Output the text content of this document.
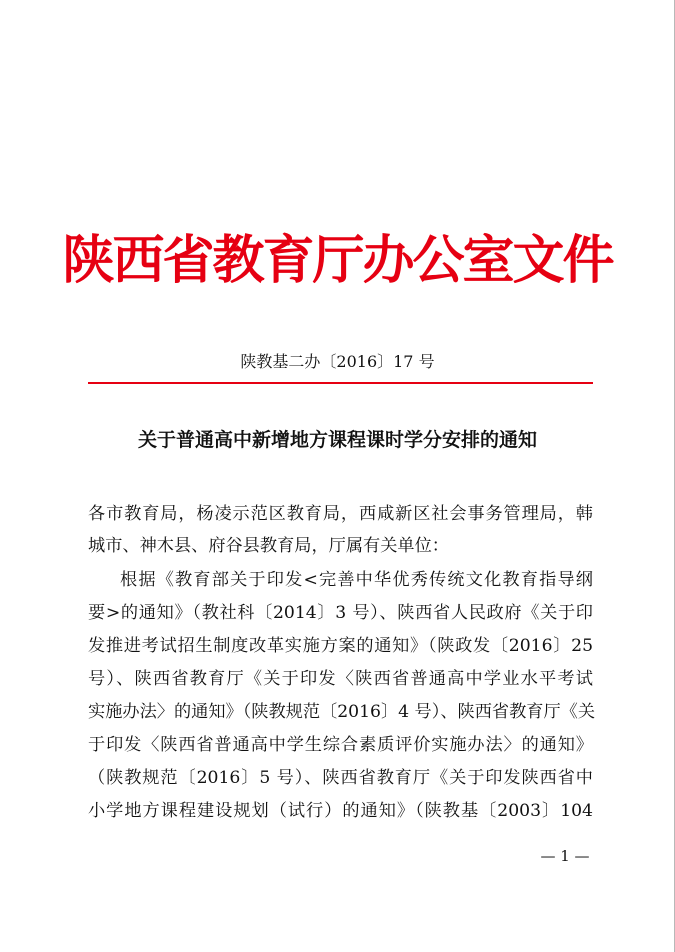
陕西省教育厅办公室文件
陕教基二办〔2016〕17 号
关于普通高中新增地方课程课时学分安排的通知
各市教育局，杨凌示范区教育局，西咸新区社会事务管理局，韩
城市、神木县、府谷县教育局，厅属有关单位：
根据《教育部关于印发<完善中华优秀传统文化教育指导纲
要>的通知》（教社科〔2014〕3 号）、陕西省人民政府《关于印
发推进考试招生制度改革实施方案的通知》（陕政发〔2016〕25
号）、陕西省教育厅《关于印发〈陕西省普通高中学业水平考试
实施办法〉的通知》（陕教规范〔2016〕4 号）、陕西省教育厅《关
于印发〈陕西省普通高中学生综合素质评价实施办法〉的通知》
（陕教规范〔2016〕5 号）、陕西省教育厅《关于印发陕西省中
小学地方课程建设规划（试行）的通知》（陕教基〔2003〕104
— 1 —
